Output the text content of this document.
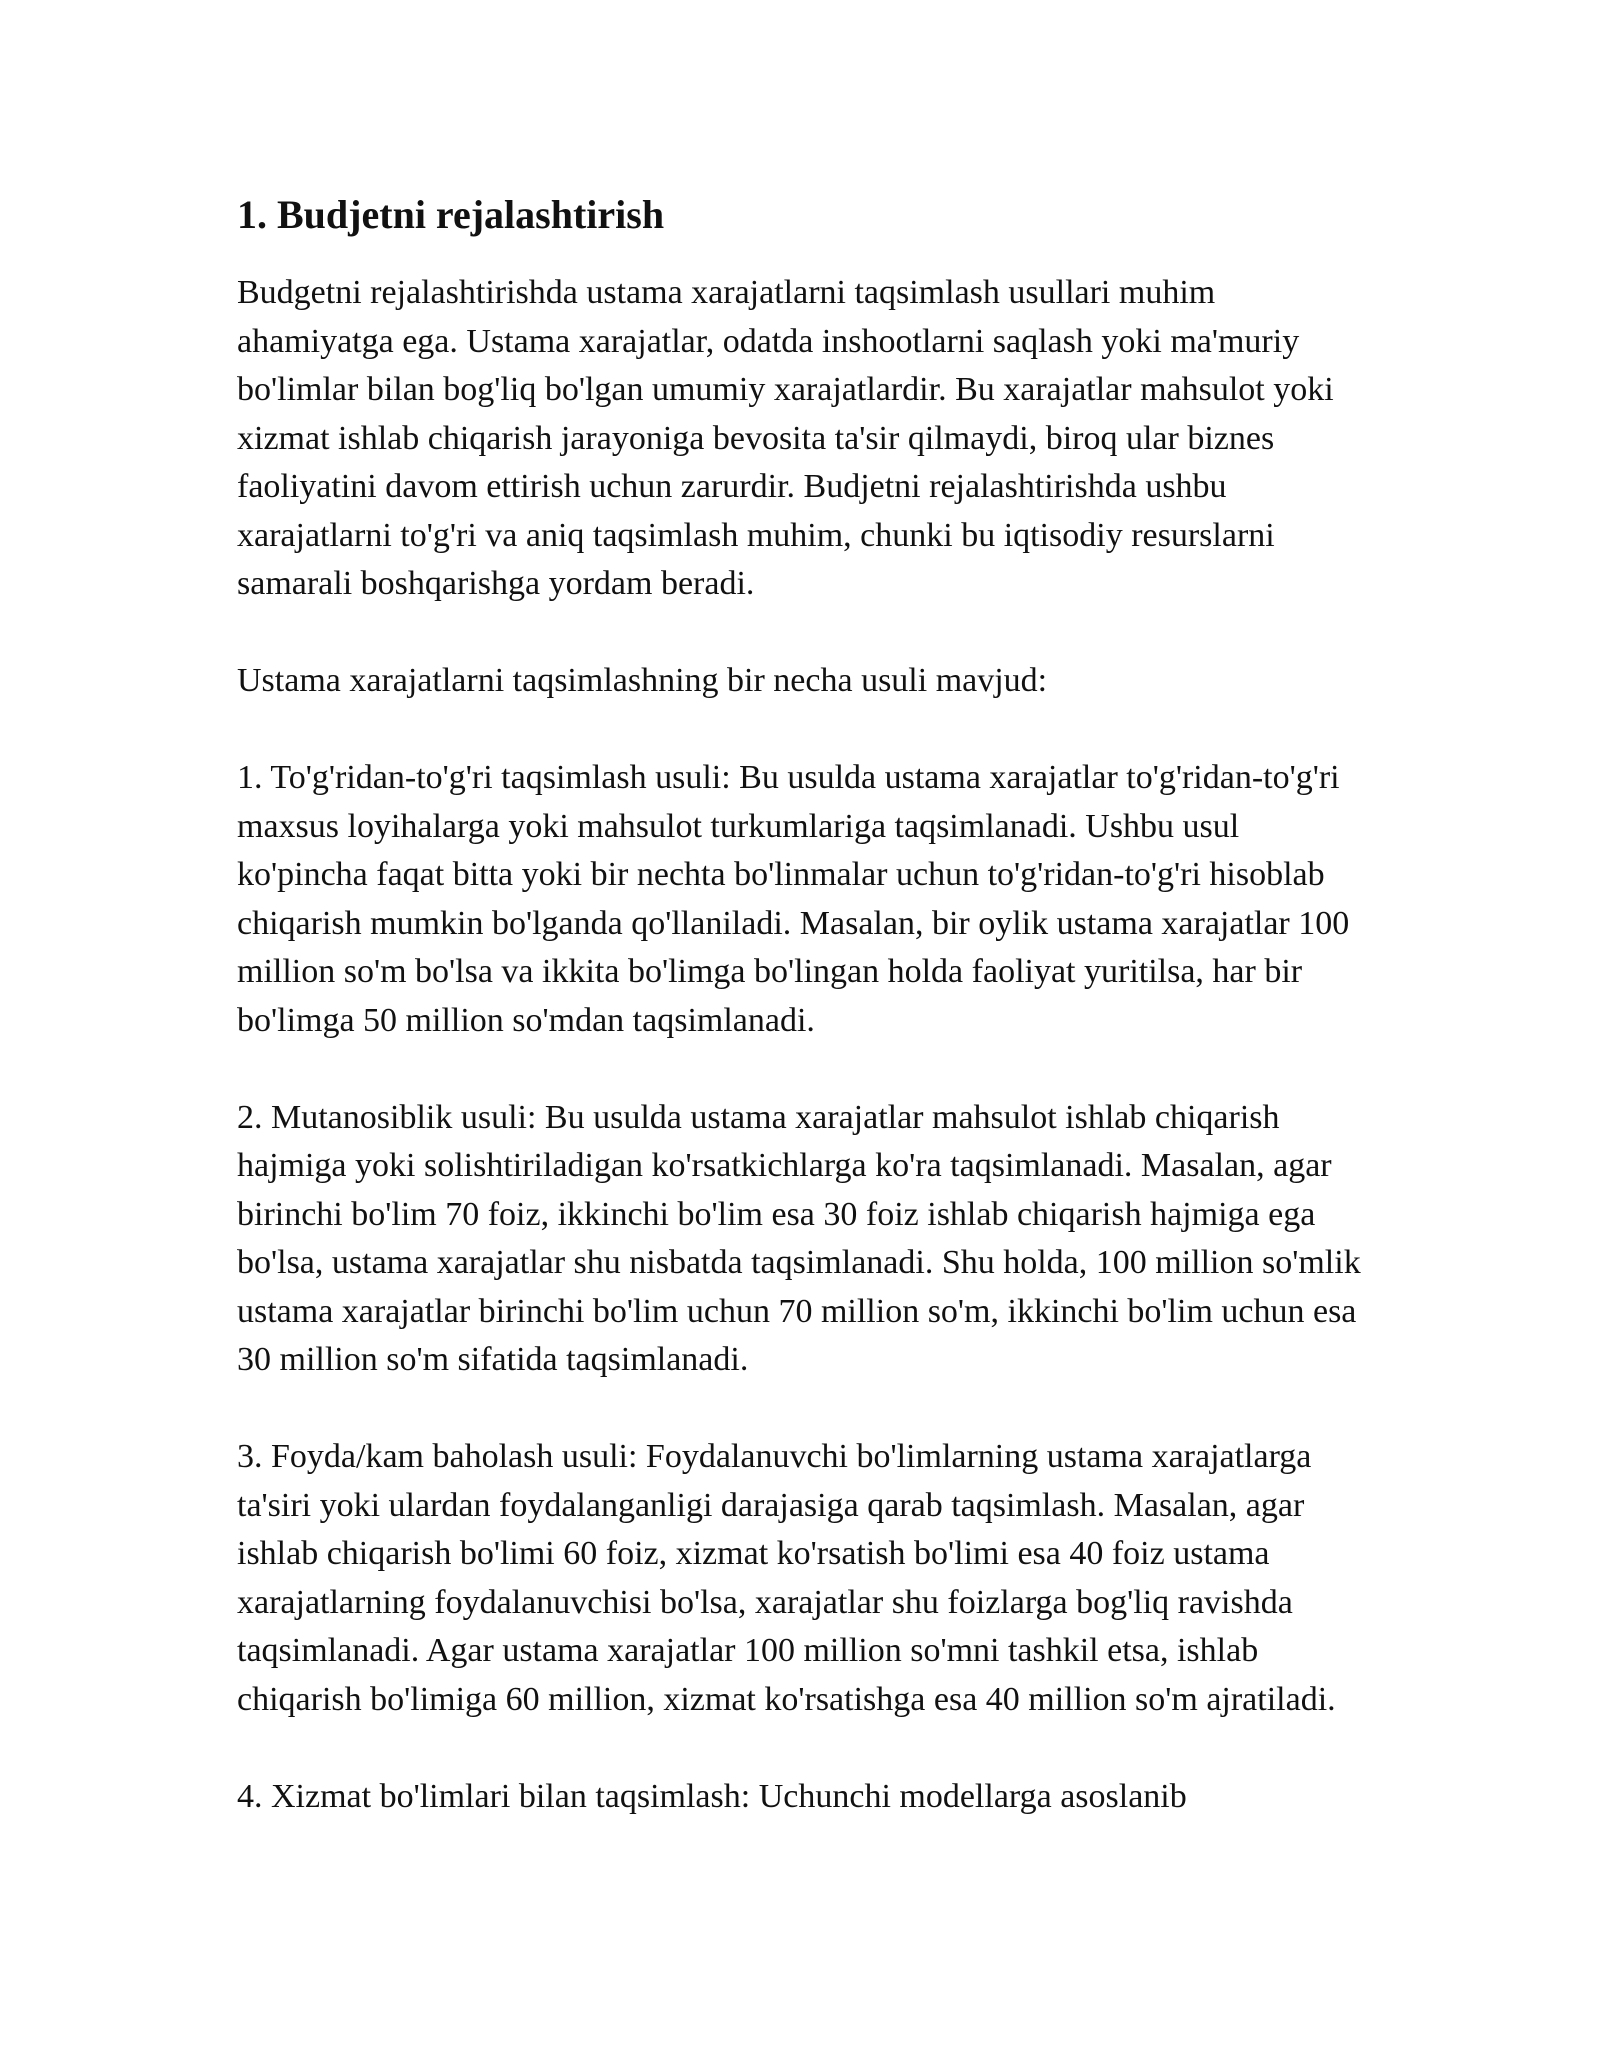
1. Budjetni rejalashtirish

Budgetni rejalashtirishda ustama xarajatlarni taqsimlash usullari muhim ahamiyatga ega. Ustama xarajatlar, odatda inshootlarni saqlash yoki ma'muriy bo'limlar bilan bog'liq bo'lgan umumiy xarajatlardir. Bu xarajatlar mahsulot yoki xizmat ishlab chiqarish jarayoniga bevosita ta'sir qilmaydi, biroq ular biznes faoliyatini davom ettirish uchun zarurdir. Budjetni rejalashtirishda ushbu xarajatlarni to'g'ri va aniq taqsimlash muhim, chunki bu iqtisodiy resurslarni samarali boshqarishga yordam beradi.

Ustama xarajatlarni taqsimlashning bir necha usuli mavjud:

1. To'g'ridan-to'g'ri taqsimlash usuli: Bu usulda ustama xarajatlar to'g'ridan-to'g'ri maxsus loyihalarga yoki mahsulot turkumlariga taqsimlanadi. Ushbu usul ko'pincha faqat bitta yoki bir nechta bo'linmalar uchun to'g'ridan-to'g'ri hisoblab chiqarish mumkin bo'lganda qo'llaniladi. Masalan, bir oylik ustama xarajatlar 100 million so'm bo'lsa va ikkita bo'limga bo'lingan holda faoliyat yuritilsa, har bir bo'limga 50 million so'mdan taqsimlanadi.

2. Mutanosiblik usuli: Bu usulda ustama xarajatlar mahsulot ishlab chiqarish hajmiga yoki solishtiriladigan ko'rsatkichlarga ko'ra taqsimlanadi. Masalan, agar birinchi bo'lim 70 foiz, ikkinchi bo'lim esa 30 foiz ishlab chiqarish hajmiga ega bo'lsa, ustama xarajatlar shu nisbatda taqsimlanadi. Shu holda, 100 million so'mlik ustama xarajatlar birinchi bo'lim uchun 70 million so'm, ikkinchi bo'lim uchun esa 30 million so'm sifatida taqsimlanadi.

3. Foyda/kam baholash usuli: Foydalanuvchi bo'limlarning ustama xarajatlarga ta'siri yoki ulardan foydalanganligi darajasiga qarab taqsimlash. Masalan, agar ishlab chiqarish bo'limi 60 foiz, xizmat ko'rsatish bo'limi esa 40 foiz ustama xarajatlarning foydalanuvchisi bo'lsa, xarajatlar shu foizlarga bog'liq ravishda taqsimlanadi. Agar ustama xarajatlar 100 million so'mni tashkil etsa, ishlab chiqarish bo'limiga 60 million, xizmat ko'rsatishga esa 40 million so'm ajratiladi.

4. Xizmat bo'limlari bilan taqsimlash: Uchunchi modellarga asoslanib
